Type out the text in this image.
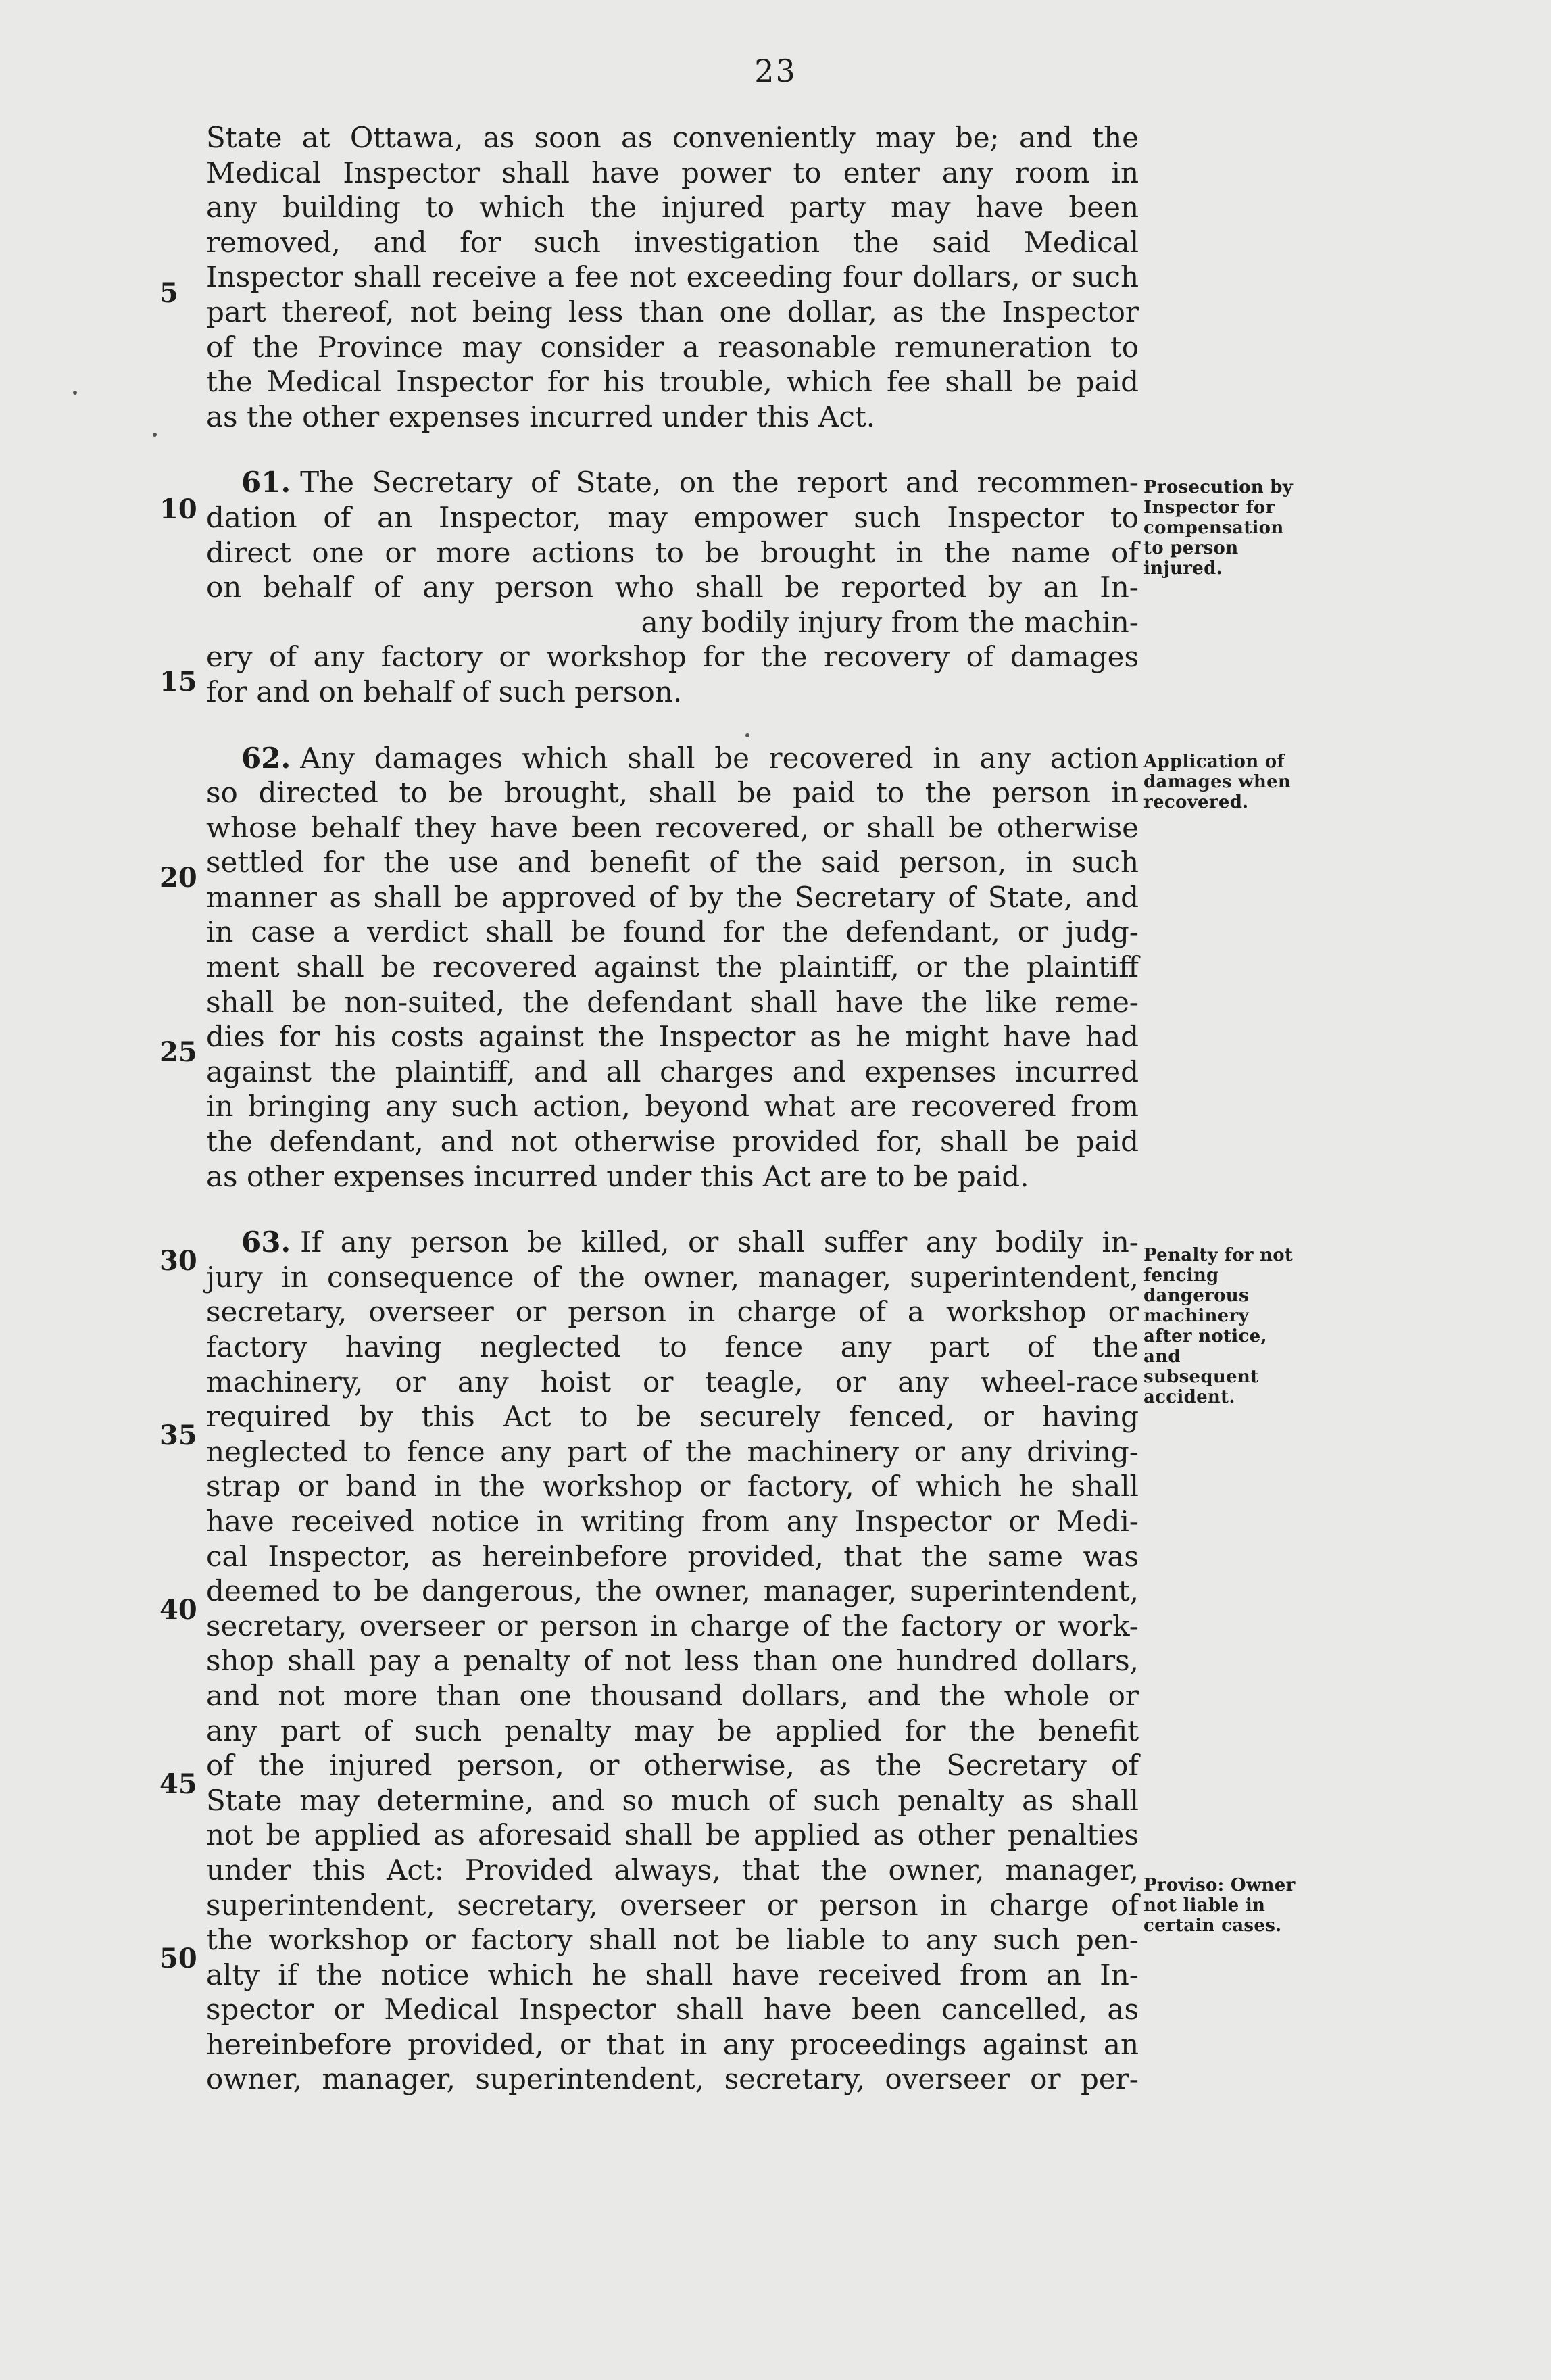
23
State at Ottawa, as soon as conveniently may be; and the
Medical Inspector shall have power to enter any room in
any building to which the injured party may have been
removed, and for such investigation the said Medical
Inspector shall receive a fee not exceeding four dollars, or such
part thereof, not being less than one dollar, as the Inspector
of the Province may consider a reasonable remuneration to
the Medical Inspector for his trouble, which fee shall be paid
as the other expenses incurred under this Act.
61. The Secretary of State, on the report and recommen-
dation of an Inspector, may empower such Inspector to
direct one or more actions to be brought in the name of
on behalf of any person who shall be reported by an In-
any bodily injury from the machin-
ery of any factory or workshop for the recovery of damages
for and on behalf of such person.
62. Any damages which shall be recovered in any action
so directed to be brought, shall be paid to the person in
whose behalf they have been recovered, or shall be otherwise
settled for the use and benefit of the said person, in such
manner as shall be approved of by the Secretary of State, and
in case a verdict shall be found for the defendant, or judg-
ment shall be recovered against the plaintiff, or the plaintiff
shall be non-suited, the defendant shall have the like reme-
dies for his costs against the Inspector as he might have had
against the plaintiff, and all charges and expenses incurred
in bringing any such action, beyond what are recovered from
the defendant, and not otherwise provided for, shall be paid
as other expenses incurred under this Act are to be paid.
63. If any person be killed, or shall suffer any bodily in-
jury in consequence of the owner, manager, superintendent,
secretary, overseer or person in charge of a workshop or
factory having neglected to fence any part of the
machinery, or any hoist or teagle, or any wheel-race
required by this Act to be securely fenced, or having
neglected to fence any part of the machinery or any driving-
strap or band in the workshop or factory, of which he shall
have received notice in writing from any Inspector or Medi-
cal Inspector, as hereinbefore provided, that the same was
deemed to be dangerous, the owner, manager, superintendent,
secretary, overseer or person in charge of the factory or work-
shop shall pay a penalty of not less than one hundred dollars,
and not more than one thousand dollars, and the whole or
any part of such penalty may be applied for the benefit
of the injured person, or otherwise, as the Secretary of
State may determine, and so much of such penalty as shall
not be applied as aforesaid shall be applied as other penalties
under this Act: Provided always, that the owner, manager,
superintendent, secretary, overseer or person in charge of
the workshop or factory shall not be liable to any such pen-
alty if the notice which he shall have received from an In-
spector or Medical Inspector shall have been cancelled, as
hereinbefore provided, or that in any proceedings against an
owner, manager, superintendent, secretary, overseer or per-
5
10
15
20
25
30
35
40
45
50
Prosecution by Inspector for compensation to person injured.
Application of damages when recovered.
Penalty for not fencing dangerous machinery after notice, and subsequent accident.
Proviso: Owner not liable in certain cases.
